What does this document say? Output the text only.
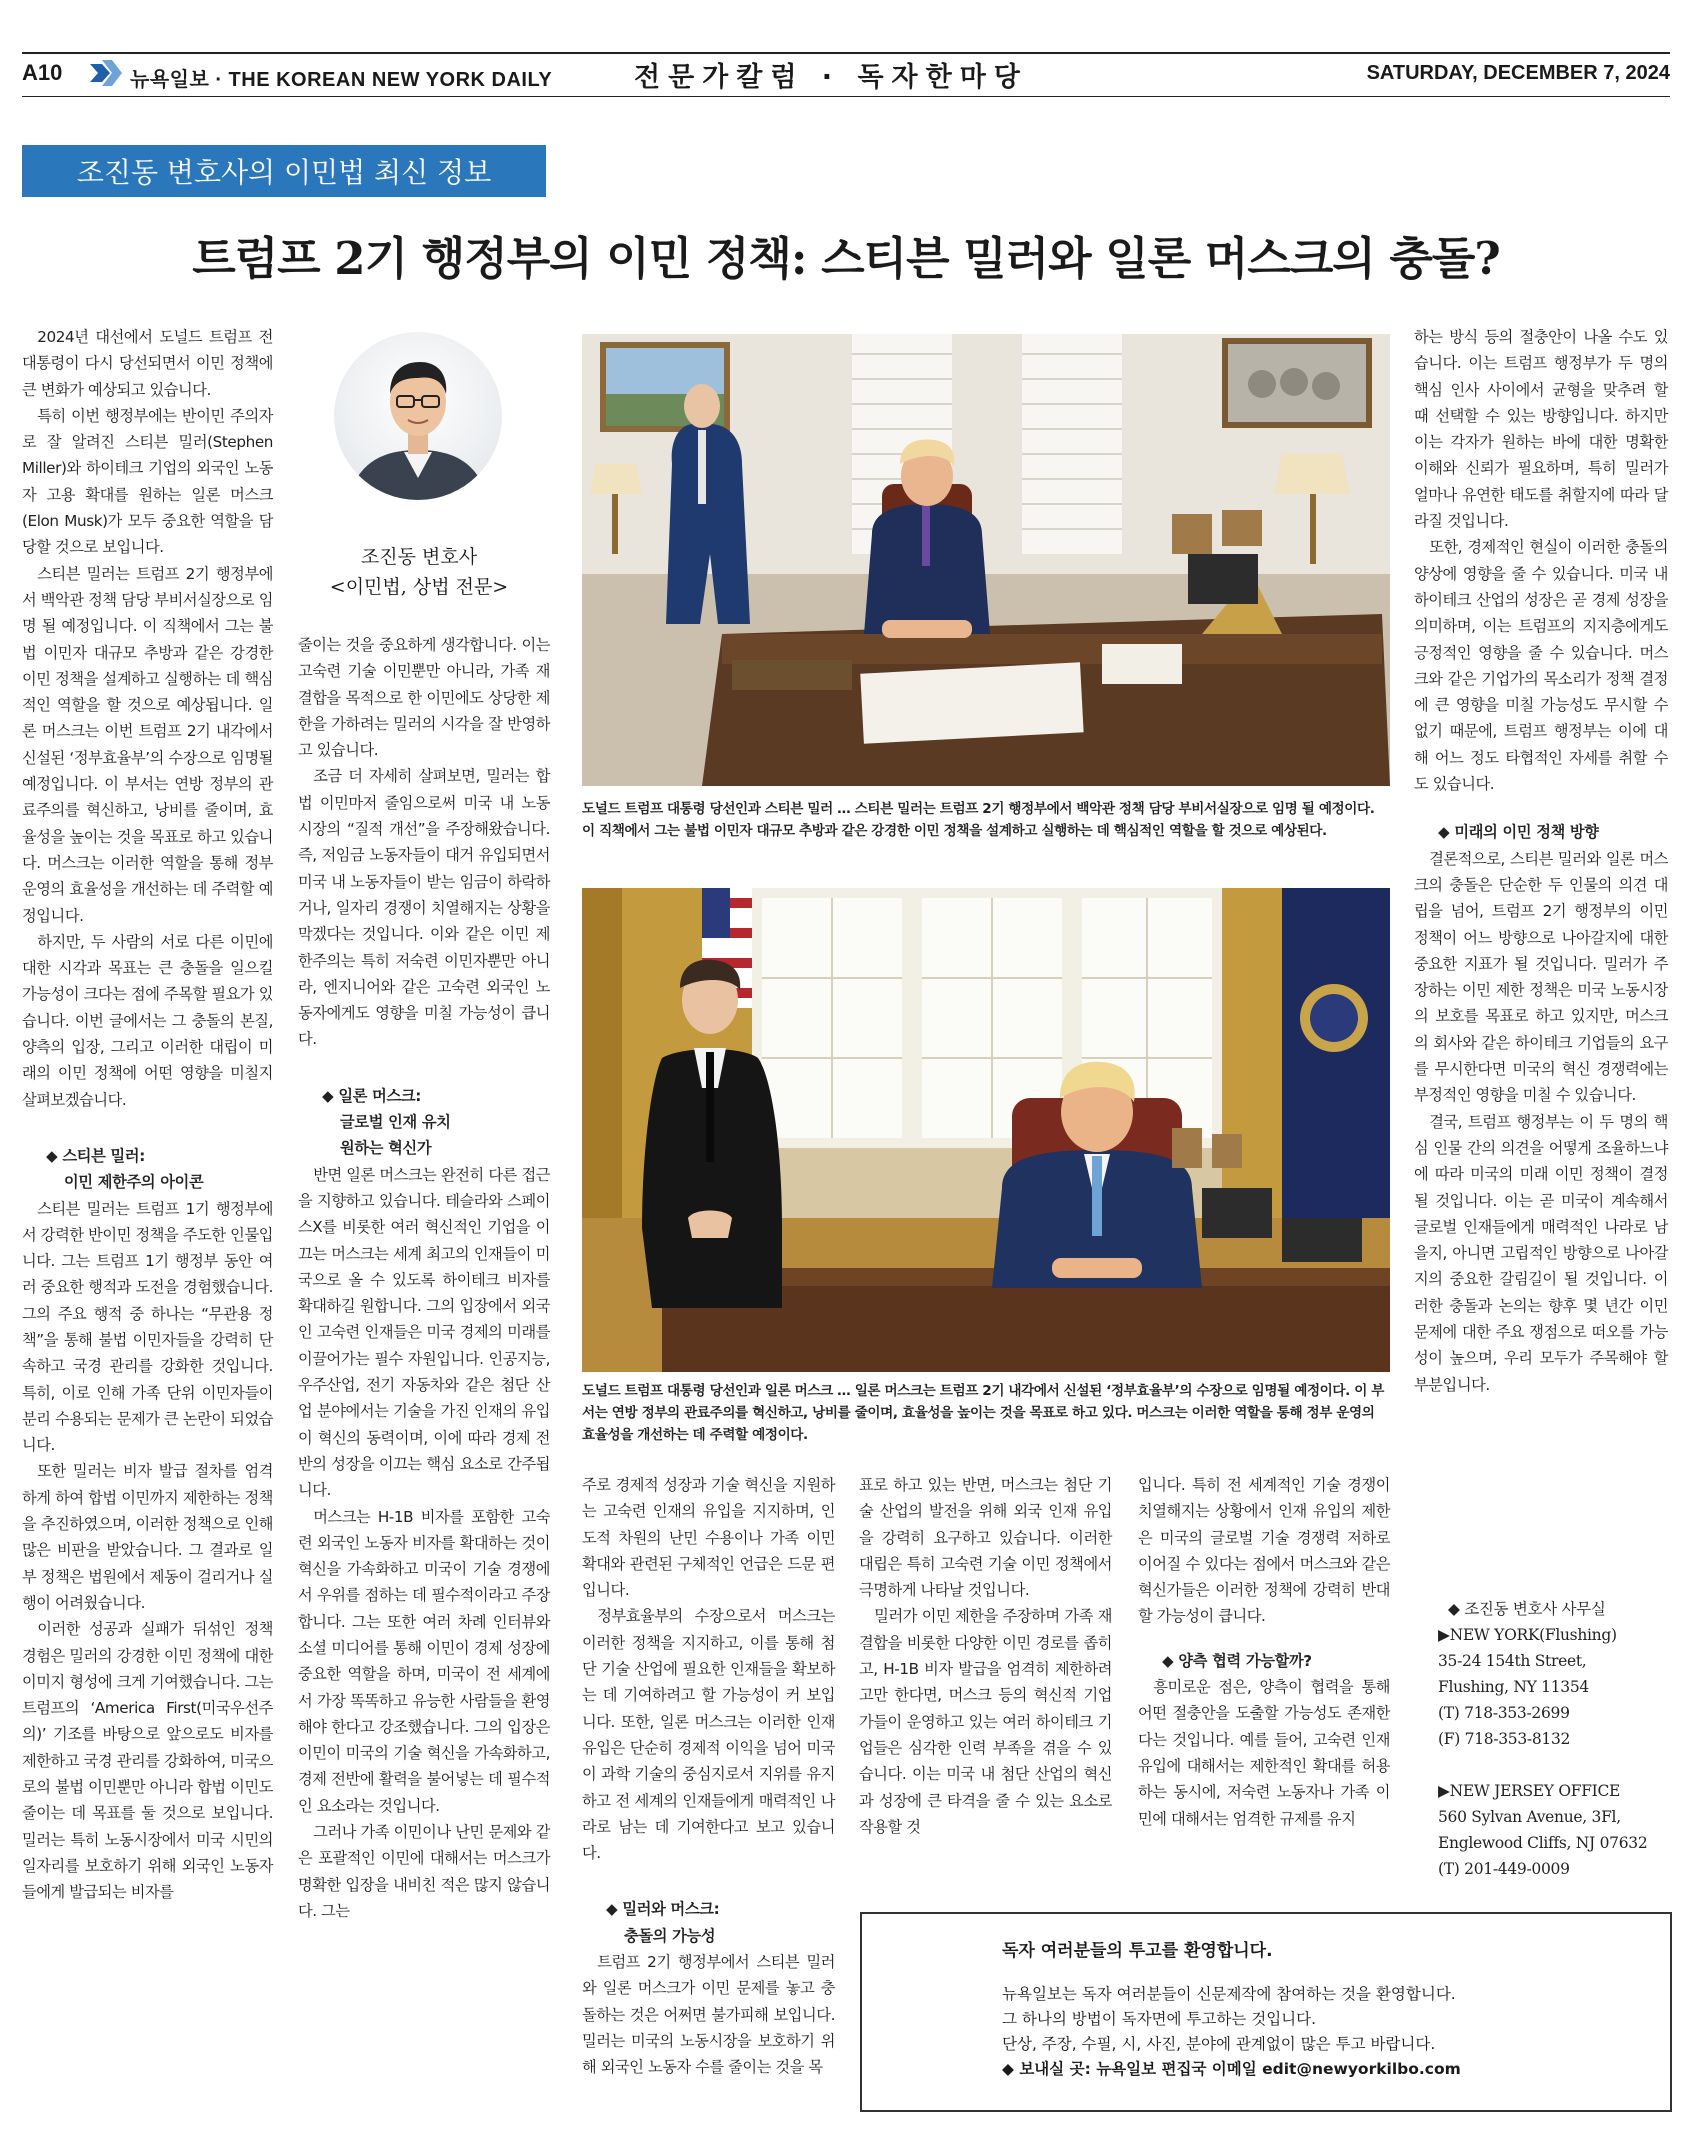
A10	뉴욕일보 · THE KOREAN NEW YORK DAILY	전문가칼럼 · 독자한마당	SATURDAY, DECEMBER 7, 2024
조진동 변호사의 이민법 최신 정보
트럼프 2기 행정부의 이민 정책: 스티븐 밀러와 일론 머스크의 충돌?
조진동 변호사
<이민법, 상법 전문>

2024년 대선에서 도널드 트럼프 전 대통령이 다시 당선되면서 이민 정책에 큰 변화가 예상되고 있습니다.

특히 이번 행정부에는 반이민 주의자로 잘 알려진 스티븐 밀러(Stephen Miller)와 하이테크 기업의 외국인 노동자 고용 확대를 원하는 일론 머스크(Elon Musk)가 모두 중요한 역할을 담당할 것으로 보입니다.

스티븐 밀러는 트럼프 2기 행정부에서 백악관 정책 담당 부비서실장으로 임명 될 예정입니다. 이 직책에서 그는 불법 이민자 대규모 추방과 같은 강경한 이민 정책을 설계하고 실행하는 데 핵심적인 역할을 할 것으로 예상됩니다. 일론 머스크는 이번 트럼프 2기 내각에서 신설된 ‘정부효율부’의 수장으로 임명될 예정입니다. 이 부서는 연방 정부의 관료주의를 혁신하고, 낭비를 줄이며, 효율성을 높이는 것을 목표로 하고 있습니다. 머스크는 이러한 역할을 통해 정부 운영의 효율성을 개선하는 데 주력할 예정입니다.

하지만, 두 사람의 서로 다른 이민에 대한 시각과 목표는 큰 충돌을 일으킬 가능성이 크다는 점에 주목할 필요가 있습니다. 이번 글에서는 그 충돌의 본질, 양측의 입장, 그리고 이러한 대립이 미래의 이민 정책에 어떤 영향을 미칠지 살펴보겠습니다.

◆ 스티븐 밀러:
이민 제한주의 아이콘

스티븐 밀러는 트럼프 1기 행정부에서 강력한 반이민 정책을 주도한 인물입니다. 그는 트럼프 1기 행정부 동안 여러 중요한 행적과 도전을 경험했습니다. 그의 주요 행적 중 하나는 “무관용 정책”을 통해 불법 이민자들을 강력히 단속하고 국경 관리를 강화한 것입니다. 특히, 이로 인해 가족 단위 이민자들이 분리 수용되는 문제가 큰 논란이 되었습니다.

또한 밀러는 비자 발급 절차를 엄격하게 하여 합법 이민까지 제한하는 정책을 추진하였으며, 이러한 정책으로 인해 많은 비판을 받았습니다. 그 결과로 일부 정책은 법원에서 제동이 걸리거나 실행이 어려웠습니다.

이러한 성공과 실패가 뒤섞인 정책 경험은 밀러의 강경한 이민 정책에 대한 이미지 형성에 크게 기여했습니다. 그는 트럼프의 ‘America First(미국우선주의)’ 기조를 바탕으로 앞으로도 비자를 제한하고 국경 관리를 강화하여, 미국으로의 불법 이민뿐만 아니라 합법 이민도 줄이는 데 목표를 둘 것으로 보입니다. 밀러는 특히 노동시장에서 미국 시민의 일자리를 보호하기 위해 외국인 노동자들에게 발급되는 비자를

줄이는 것을 중요하게 생각합니다. 이는 고숙련 기술 이민뿐만 아니라, 가족 재결합을 목적으로 한 이민에도 상당한 제한을 가하려는 밀러의 시각을 잘 반영하고 있습니다.

조금 더 자세히 살펴보면, 밀러는 합법 이민마저 줄임으로써 미국 내 노동 시장의 “질적 개선”을 주장해왔습니다. 즉, 저임금 노동자들이 대거 유입되면서 미국 내 노동자들이 받는 임금이 하락하거나, 일자리 경쟁이 치열해지는 상황을 막겠다는 것입니다. 이와 같은 이민 제한주의는 특히 저숙련 이민자뿐만 아니라, 엔지니어와 같은 고숙련 외국인 노동자에게도 영향을 미칠 가능성이 큽니다.

◆ 일론 머스크:
글로벌 인재 유치
원하는 혁신가

반면 일론 머스크는 완전히 다른 접근을 지향하고 있습니다. 테슬라와 스페이스X를 비롯한 여러 혁신적인 기업을 이끄는 머스크는 세계 최고의 인재들이 미국으로 올 수 있도록 하이테크 비자를 확대하길 원합니다. 그의 입장에서 외국인 고숙련 인재들은 미국 경제의 미래를 이끌어가는 필수 자원입니다. 인공지능, 우주산업, 전기 자동차와 같은 첨단 산업 분야에서는 기술을 가진 인재의 유입이 혁신의 동력이며, 이에 따라 경제 전반의 성장을 이끄는 핵심 요소로 간주됩니다.

머스크는 H-1B 비자를 포함한 고숙련 외국인 노동자 비자를 확대하는 것이 혁신을 가속화하고 미국이 기술 경쟁에서 우위를 점하는 데 필수적이라고 주장합니다. 그는 또한 여러 차례 인터뷰와 소셜 미디어를 통해 이민이 경제 성장에 중요한 역할을 하며, 미국이 전 세계에서 가장 똑똑하고 유능한 사람들을 환영해야 한다고 강조했습니다. 그의 입장은 이민이 미국의 기술 혁신을 가속화하고, 경제 전반에 활력을 불어넣는 데 필수적인 요소라는 것입니다.

그러나 가족 이민이나 난민 문제와 같은 포괄적인 이민에 대해서는 머스크가 명확한 입장을 내비친 적은 많지 않습니다. 그는

도널드 트럼프 대통령 당선인과 스티븐 밀러 … 스티븐 밀러는 트럼프 2기 행정부에서 백악관 정책 담당 부비서실장으로 임명 될 예정이다. 이 직책에서 그는 불법 이민자 대규모 추방과 같은 강경한 이민 정책을 설계하고 실행하는 데 핵심적인 역할을 할 것으로 예상된다.
도널드 트럼프 대통령 당선인과 일론 머스크 … 일론 머스크는 트럼프 2기 내각에서 신설된 ‘정부효율부’의 수장으로 임명될 예정이다. 이 부서는 연방 정부의 관료주의를 혁신하고, 낭비를 줄이며, 효율성을 높이는 것을 목표로 하고 있다. 머스크는 이러한 역할을 통해 정부 운영의 효율성을 개선하는 데 주력할 예정이다.

주로 경제적 성장과 기술 혁신을 지원하는 고숙련 인재의 유입을 지지하며, 인도적 차원의 난민 수용이나 가족 이민 확대와 관련된 구체적인 언급은 드문 편입니다.

정부효율부의 수장으로서 머스크는 이러한 정책을 지지하고, 이를 통해 첨단 기술 산업에 필요한 인재들을 확보하는 데 기여하려고 할 가능성이 커 보입니다. 또한, 일론 머스크는 이러한 인재 유입은 단순히 경제적 이익을 넘어 미국이 과학 기술의 중심지로서 지위를 유지하고 전 세계의 인재들에게 매력적인 나라로 남는 데 기여한다고 보고 있습니다.

◆ 밀러와 머스크:
충돌의 가능성

트럼프 2기 행정부에서 스티븐 밀러와 일론 머스크가 이민 문제를 놓고 충돌하는 것은 어쩌면 불가피해 보입니다. 밀러는 미국의 노동시장을 보호하기 위해 외국인 노동자 수를 줄이는 것을 목

표로 하고 있는 반면, 머스크는 첨단 기술 산업의 발전을 위해 외국 인재 유입을 강력히 요구하고 있습니다. 이러한 대립은 특히 고숙련 기술 이민 정책에서 극명하게 나타날 것입니다.

밀러가 이민 제한을 주장하며 가족 재결합을 비롯한 다양한 이민 경로를 좁히고, H-1B 비자 발급을 엄격히 제한하려고만 한다면, 머스크 등의 혁신적 기업가들이 운영하고 있는 여러 하이테크 기업들은 심각한 인력 부족을 겪을 수 있습니다. 이는 미국 내 첨단 산업의 혁신과 성장에 큰 타격을 줄 수 있는 요소로 작용할 것

입니다. 특히 전 세계적인 기술 경쟁이 치열해지는 상황에서 인재 유입의 제한은 미국의 글로벌 기술 경쟁력 저하로 이어질 수 있다는 점에서 머스크와 같은 혁신가들은 이러한 정책에 강력히 반대할 가능성이 큽니다.

◆ 양측 협력 가능할까?

흥미로운 점은, 양측이 협력을 통해 어떤 절충안을 도출할 가능성도 존재한다는 것입니다. 예를 들어, 고숙련 인재 유입에 대해서는 제한적인 확대를 허용하는 동시에, 저숙련 노동자나 가족 이민에 대해서는 엄격한 규제를 유지

하는 방식 등의 절충안이 나올 수도 있습니다. 이는 트럼프 행정부가 두 명의 핵심 인사 사이에서 균형을 맞추려 할 때 선택할 수 있는 방향입니다. 하지만 이는 각자가 원하는 바에 대한 명확한 이해와 신뢰가 필요하며, 특히 밀러가 얼마나 유연한 태도를 취할지에 따라 달라질 것입니다.

또한, 경제적인 현실이 이러한 충돌의 양상에 영향을 줄 수 있습니다. 미국 내 하이테크 산업의 성장은 곧 경제 성장을 의미하며, 이는 트럼프의 지지층에게도 긍정적인 영향을 줄 수 있습니다. 머스크와 같은 기업가의 목소리가 정책 결정에 큰 영향을 미칠 가능성도 무시할 수 없기 때문에, 트럼프 행정부는 이에 대해 어느 정도 타협적인 자세를 취할 수도 있습니다.

◆ 미래의 이민 정책 방향

결론적으로, 스티븐 밀러와 일론 머스크의 충돌은 단순한 두 인물의 의견 대립을 넘어, 트럼프 2기 행정부의 이민 정책이 어느 방향으로 나아갈지에 대한 중요한 지표가 될 것입니다. 밀러가 주장하는 이민 제한 정책은 미국 노동시장의 보호를 목표로 하고 있지만, 머스크의 회사와 같은 하이테크 기업들의 요구를 무시한다면 미국의 혁신 경쟁력에는 부정적인 영향을 미칠 수 있습니다.

결국, 트럼프 행정부는 이 두 명의 핵심 인물 간의 의견을 어떻게 조율하느냐에 따라 미국의 미래 이민 정책이 결정될 것입니다. 이는 곧 미국이 계속해서 글로벌 인재들에게 매력적인 나라로 남을지, 아니면 고립적인 방향으로 나아갈지의 중요한 갈림길이 될 것입니다. 이러한 충돌과 논의는 향후 몇 년간 이민 문제에 대한 주요 쟁점으로 떠오를 가능성이 높으며, 우리 모두가 주목해야 할 부분입니다.

◆ 조진동 변호사 사무실
▶NEW YORK(Flushing)
35-24 154th Street,
Flushing, NY 11354
(T) 718-353-2699
(F) 718-353-8132
▶NEW JERSEY OFFICE
560 Sylvan Avenue, 3Fl,
Englewood Cliffs, NJ 07632
(T) 201-449-0009
독자 여러분들의 투고를 환영합니다.
뉴욕일보는 독자 여러분들이 신문제작에 참여하는 것을 환영합니다.
그 하나의 방법이 독자면에 투고하는 것입니다.
단상, 주장, 수필, 시, 사진, 분야에 관계없이 많은 투고 바랍니다.
◆ 보내실 곳: 뉴욕일보 편집국 이메일 edit@newyorkilbo.com
